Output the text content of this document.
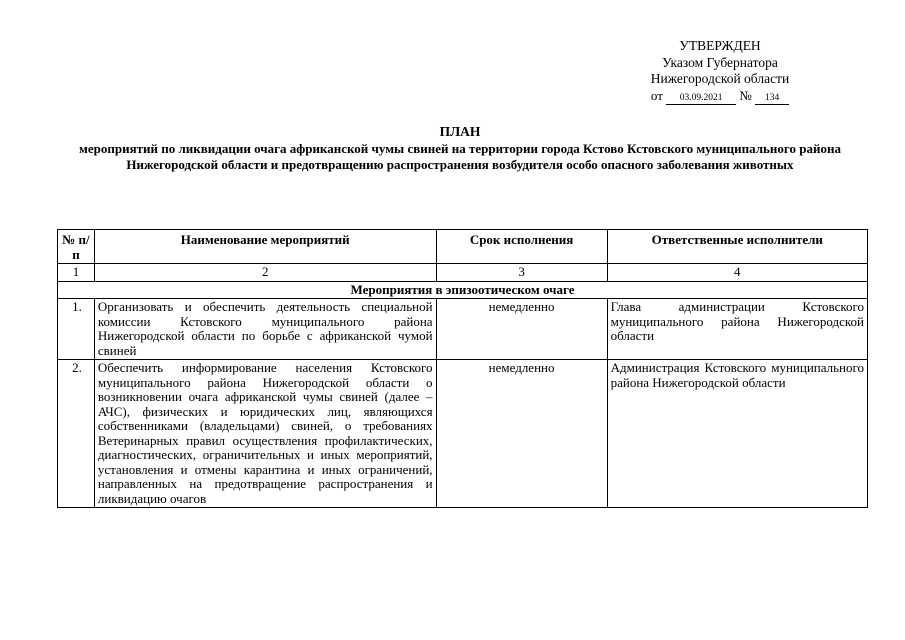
УТВЕРЖДЕН
Указом Губернатора
Нижегородской области
от 03.09.2021 № 134
ПЛАН
мероприятий по ликвидации очага африканской чумы свиней на территории города Кстово Кстовского муниципального района Нижегородской области и предотвращению распространения возбудителя особо опасного заболевания животных
№ п/п	Наименование мероприятий	Срок исполнения	Ответственные исполнители
1	2	3	4
Мероприятия в эпизоотическом очаге			
1.	Организовать и обеспечить деятельность специальной комиссии Кстовского муниципального района Нижегородской области по борьбе с африканской чумой свиней	немедленно	Глава администрации Кстовского муниципального района Нижегородской области
2.	Обеспечить информирование населения Кстовского муниципального района Нижегородской области о возникновении очага африканской чумы свиней (далее – АЧС), физических и юридических лиц, являющихся собственниками (владельцами) свиней, о требованиях Ветеринарных правил осуществления профилактических, диагностических, ограничительных и иных мероприятий, установления и отмены карантина и иных ограничений, направленных на предотвращение распространения и ликвидацию очагов	немедленно	Администрация Кстовского муниципального района Нижегородской области
